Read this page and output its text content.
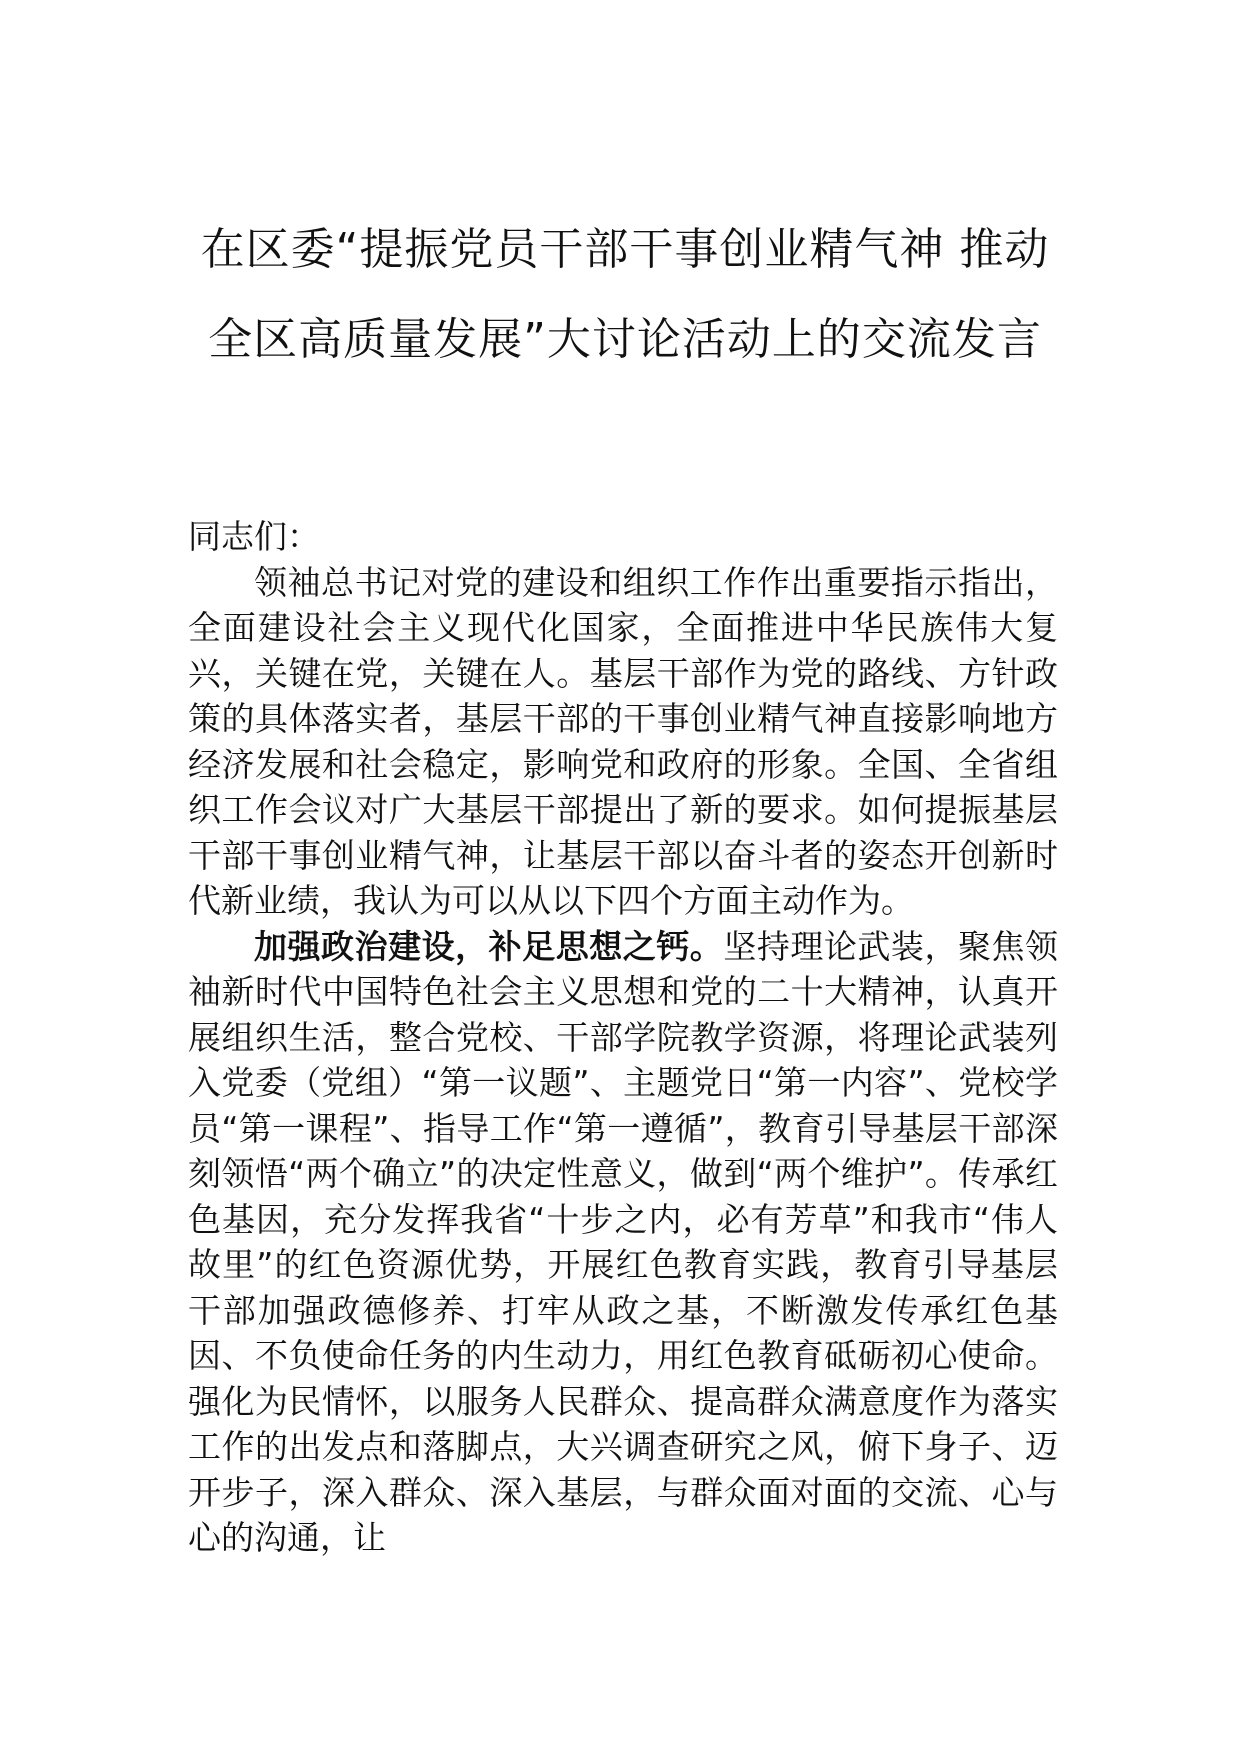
在区委“提振党员干部干事创业精气神 推动全区高质量发展”大讨论活动上的交流发言

同志们：

领袖总书记对党的建设和组织工作作出重要指示指出，全面建设社会主义现代化国家，全面推进中华民族伟大复兴，关键在党，关键在人。基层干部作为党的路线、方针政策的具体落实者，基层干部的干事创业精气神直接影响地方经济发展和社会稳定，影响党和政府的形象。全国、全省组织工作会议对广大基层干部提出了新的要求。如何提振基层干部干事创业精气神，让基层干部以奋斗者的姿态开创新时代新业绩，我认为可以从以下四个方面主动作为。

加强政治建设，补足思想之钙。坚持理论武装，聚焦领袖新时代中国特色社会主义思想和党的二十大精神，认真开展组织生活，整合党校、干部学院教学资源，将理论武装列入党委（党组）“第一议题”、主题党日“第一内容”、党校学员“第一课程”、指导工作“第一遵循”，教育引导基层干部深刻领悟“两个确立”的决定性意义，做到“两个维护”。传承红色基因，充分发挥我省“十步之内，必有芳草”和我市“伟人故里”的红色资源优势，开展红色教育实践，教育引导基层干部加强政德修养、打牢从政之基，不断激发传承红色基因、不负使命任务的内生动力，用红色教育砥砺初心使命。强化为民情怀，以服务人民群众、提高群众满意度作为落实工作的出发点和落脚点，大兴调查研究之风，俯下身子、迈开步子，深入群众、深入基层，与群众面对面的交流、心与心的沟通，让
